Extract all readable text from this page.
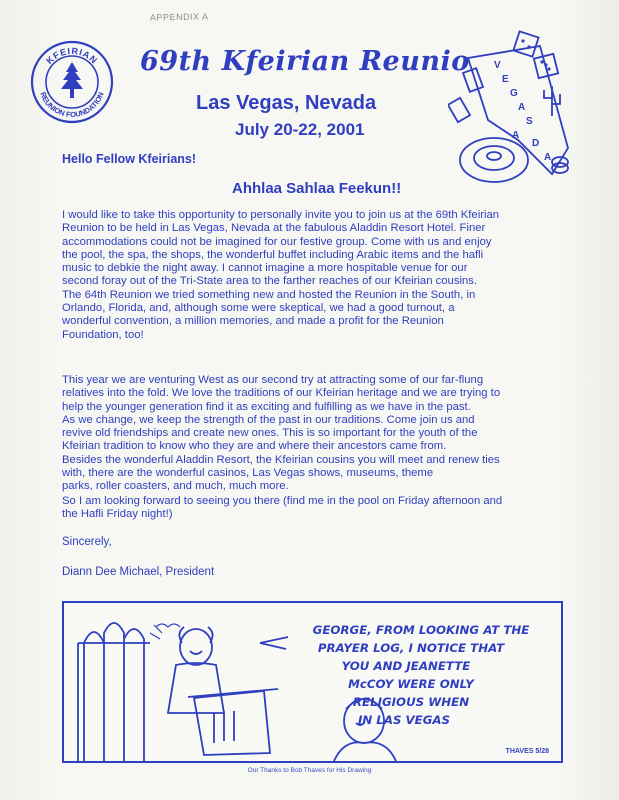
APPENDIX A
KFEIRIAN
REUNION FOUNDATION
69th Kfeirian Reunio
Las Vegas, Nevada
July 20-22, 2001
V
E
G
A
S
A
D
A
Hello Fellow Kfeirians!
Ahhlaa Sahlaa Feekun!!
I would like to take this opportunity to personally invite you to join us at the 69th Kfeirian
Reunion to be held in Las Vegas, Nevada at the fabulous Aladdin Resort Hotel. Finer
accommodations could not be imagined for our festive group. Come with us and enjoy
the pool, the spa, the shops, the wonderful buffet including Arabic items and the hafli
music to debkie the night away. I cannot imagine a more hospitable venue for our
second foray out of the Tri-State area to the farther reaches of our Kfeirian cousins.
The 64th Reunion we tried something new and hosted the Reunion in the South, in
Orlando, Florida, and, although some were skeptical, we had a good turnout, a
wonderful convention, a million memories, and made a profit for the Reunion
Foundation, too!
This year we are venturing West as our second try at attracting some of our far-flung
relatives into the fold. We love the traditions of our Kfeirian heritage and we are trying to
help the younger generation find it as exciting and fulfilling as we have in the past.
As we change, we keep the strength of the past in our traditions. Come join us and
revive old friendships and create new ones. This is so important for the youth of the
Kfeirian tradition to know who they are and where their ancestors came from.
Besides the wonderful Aladdin Resort, the Kfeirian cousins you will meet and renew ties
with, there are the wonderful casinos, Las Vegas shows, museums, theme
parks, roller coasters, and much, much more.
So I am looking forward to seeing you there (find me in the pool on Friday afternoon and
the Hafli Friday night!)
Sincerely,
Diann Dee Michael, President
GEORGE, FROM LOOKING AT THE
PRAYER LOG, I NOTICE THAT
YOU AND JEANETTE
McCOY WERE ONLY
RELIGIOUS WHEN
IN LAS VEGAS
THAVES 5/28
Our Thanks to Bob Thaves for His Drawing
